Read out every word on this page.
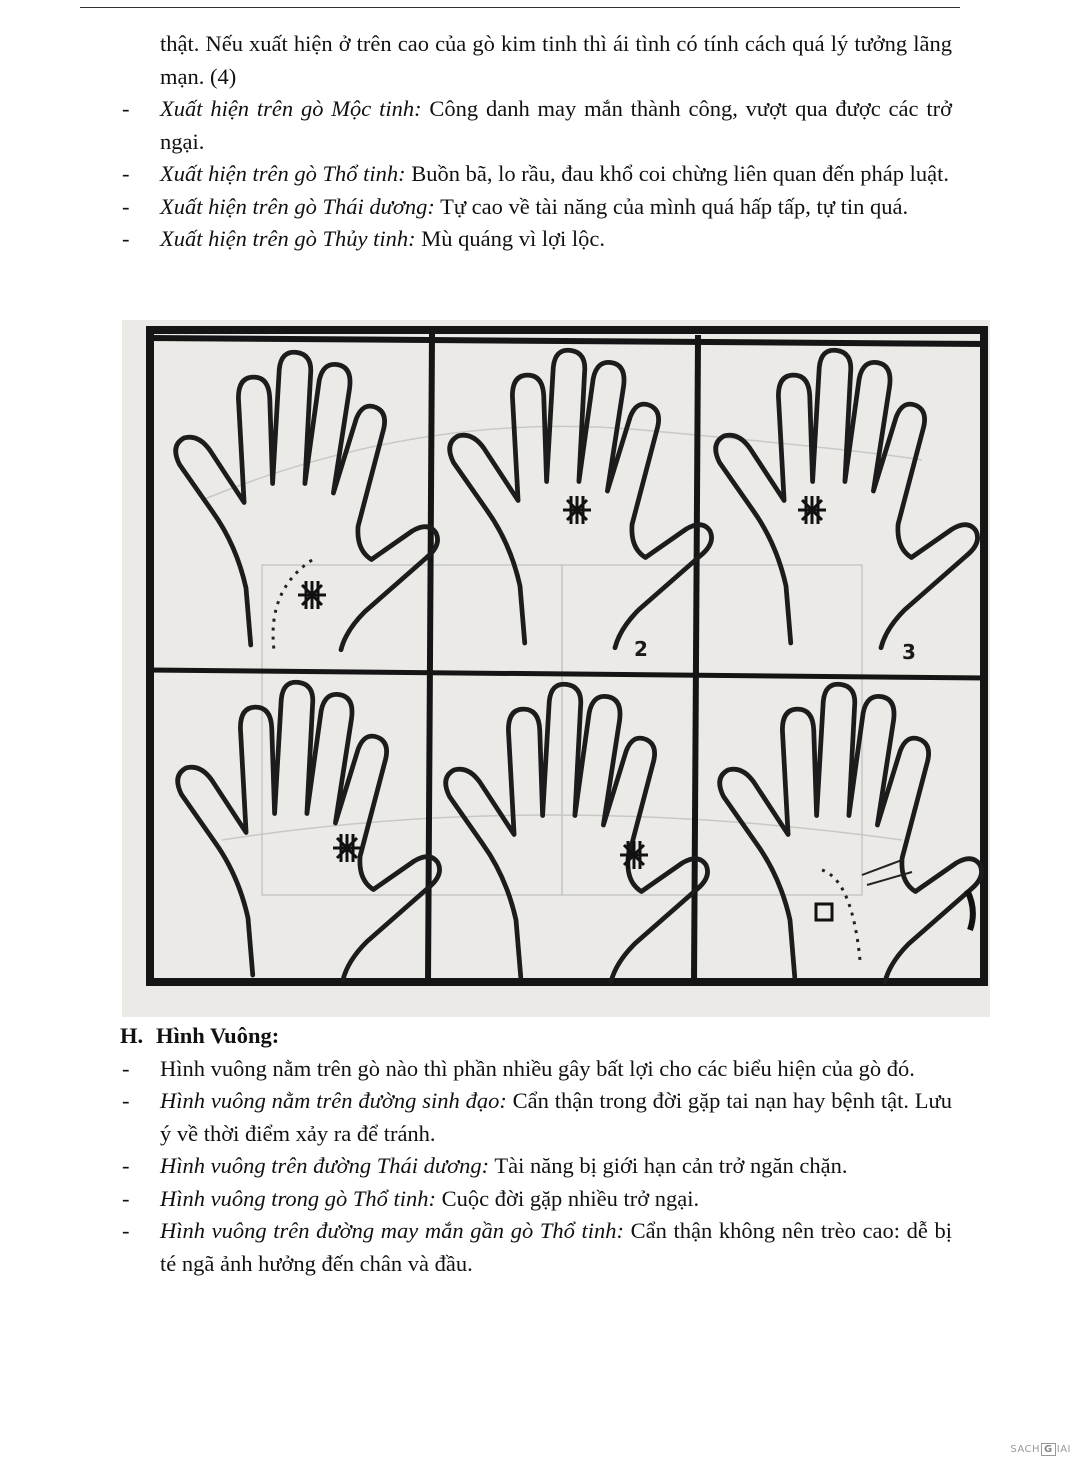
thật. Nếu xuất hiện ở trên cao của gò kim tinh thì ái tình có tính cách quá lý tưởng lãng mạn. (4)
- Xuất hiện trên gò Mộc tinh: Công danh may mắn thành công, vượt qua được các trở ngại.
- Xuất hiện trên gò Thổ tinh: Buồn bã, lo rầu, đau khổ coi chừng liên quan đến pháp luật.
- Xuất hiện trên gò Thái dương: Tự cao về tài năng của mình quá hấp tấp, tự tin quá.
- Xuất hiện trên gò Thủy tinh: Mù quáng vì lợi lộc.
2	3
H. Hình Vuông:
- Hình vuông nằm trên gò nào thì phần nhiều gây bất lợi cho các biểu hiện của gò đó.
- Hình vuông nằm trên đường sinh đạo: Cẩn thận trong đời gặp tai nạn hay bệnh tật. Lưu ý về thời điểm xảy ra để tránh.
- Hình vuông trên đường Thái dương: Tài năng bị giới hạn cản trở ngăn chặn.
- Hình vuông trong gò Thổ tinh: Cuộc đời gặp nhiều trở ngại.
- Hình vuông trên đường may mắn gần gò Thổ tinh: Cẩn thận không nên trèo cao: dễ bị té ngã ảnh hưởng đến chân và đầu.
SACH G IAI
